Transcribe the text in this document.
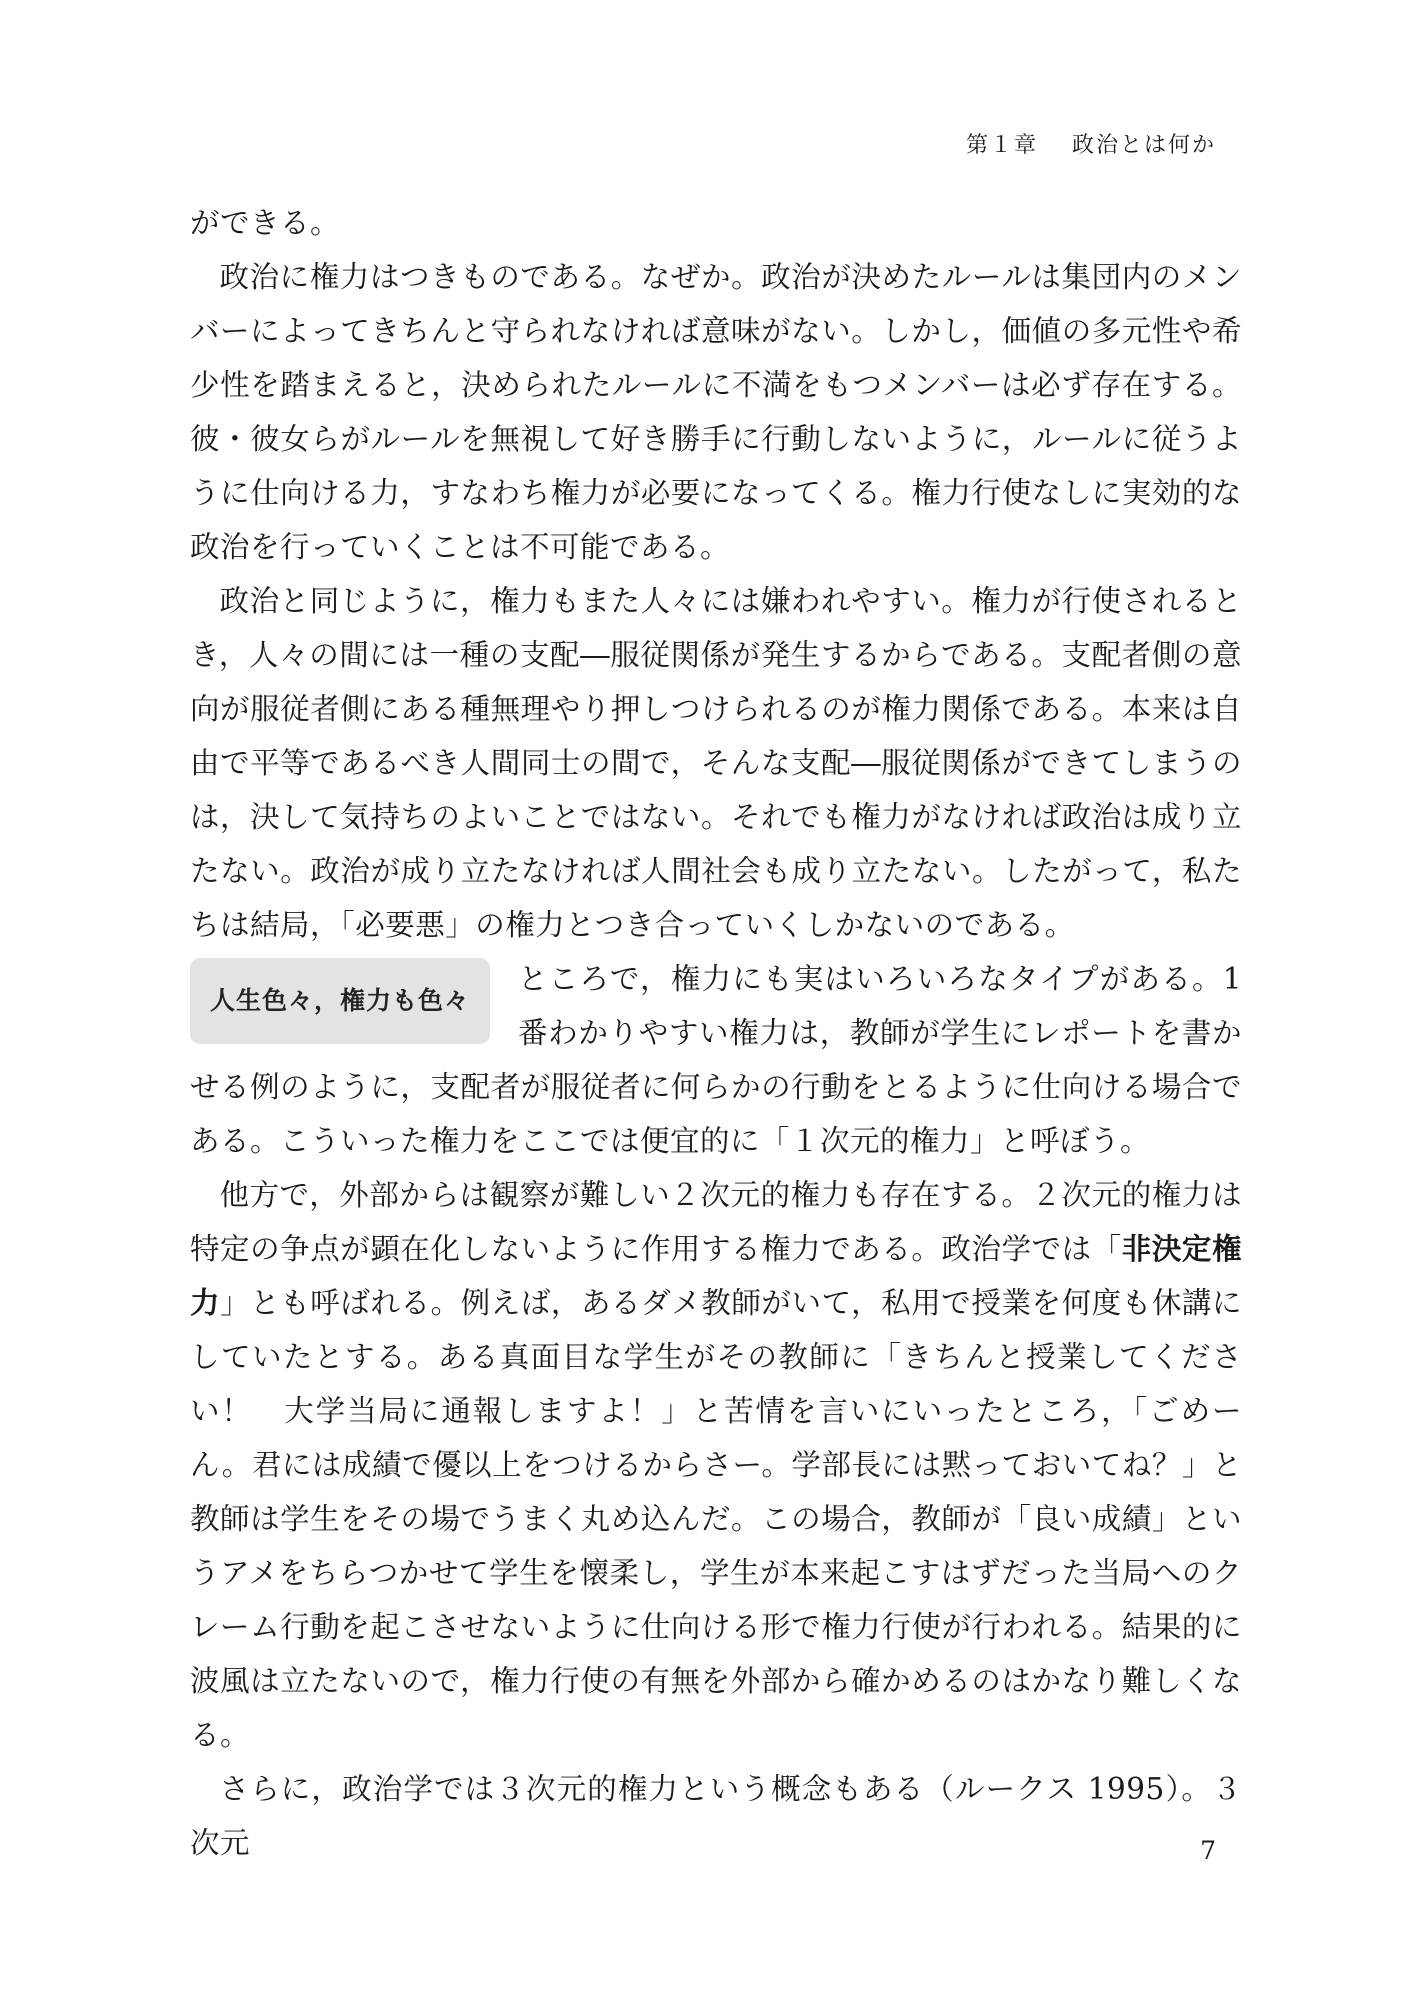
第１章 政治とは何か

ができる。

政治に権力はつきものである。なぜか。政治が決めたルールは集団内のメンバーによってきちんと守られなければ意味がない。しかし，価値の多元性や希少性を踏まえると，決められたルールに不満をもつメンバーは必ず存在する。彼・彼女らがルールを無視して好き勝手に行動しないように，ルールに従うように仕向ける力，すなわち権力が必要になってくる。権力行使なしに実効的な政治を行っていくことは不可能である。

政治と同じように，権力もまた人々には嫌われやすい。権力が行使されるとき，人々の間には一種の支配―服従関係が発生するからである。支配者側の意向が服従者側にある種無理やり押しつけられるのが権力関係である。本来は自由で平等であるべき人間同士の間で，そんな支配―服従関係ができてしまうのは，決して気持ちのよいことではない。それでも権力がなければ政治は成り立たない。政治が成り立たなければ人間社会も成り立たない。したがって，私たちは結局，「必要悪」の権力とつき合っていくしかないのである。

人生色々，権力も色々
ところで，権力にも実はいろいろなタイプがある。1番わかりやすい権力は，教師が学生にレポートを書かせる例のように，支配者が服従者に何らかの行動をとるように仕向ける場合である。こういった権力をここでは便宜的に「１次元的権力」と呼ぼう。

他方で，外部からは観察が難しい２次元的権力も存在する。２次元的権力は特定の争点が顕在化しないように作用する権力である。政治学では「非決定権力」とも呼ばれる。例えば，あるダメ教師がいて，私用で授業を何度も休講にしていたとする。ある真面目な学生がその教師に「きちんと授業してください！　大学当局に通報しますよ！」と苦情を言いにいったところ，「ごめーん。君には成績で優以上をつけるからさー。学部長には黙っておいてね？」と教師は学生をその場でうまく丸め込んだ。この場合，教師が「良い成績」というアメをちらつかせて学生を懐柔し，学生が本来起こすはずだった当局へのクレーム行動を起こさせないように仕向ける形で権力行使が行われる。結果的に波風は立たないので，権力行使の有無を外部から確かめるのはかなり難しくなる。

さらに，政治学では３次元的権力という概念もある（ルークス 1995）。３次元	7
